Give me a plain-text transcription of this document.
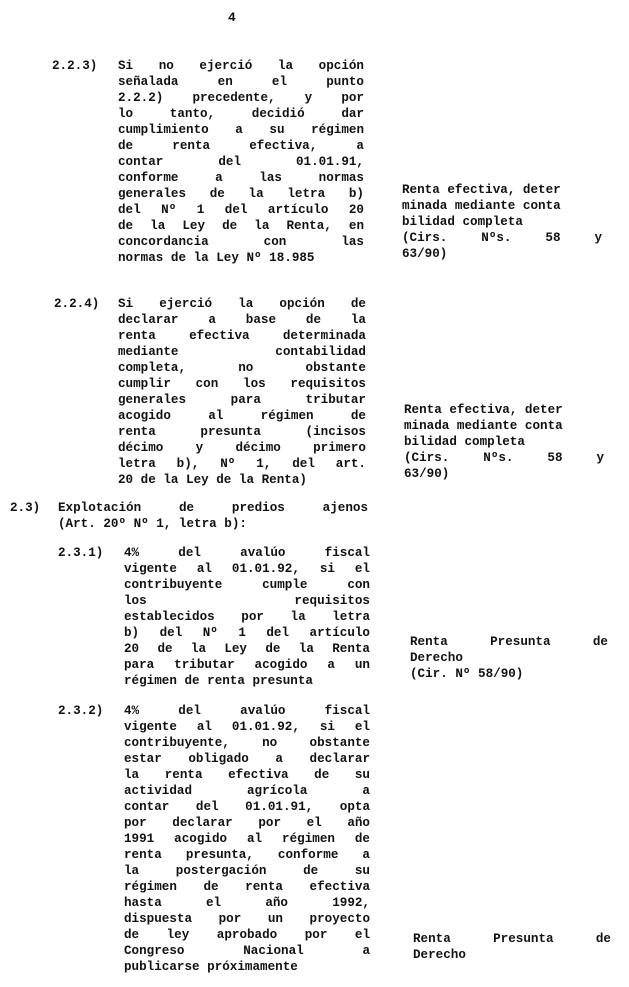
4
2.2.3) Si no ejerció la opción
señalada en el punto
2.2.2) precedente, y por
lo tanto, decidió dar
cumplimiento a su régimen
de renta efectiva, a
contar del 01.01.91,
conforme a las normas
generales de la letra b)
del Nº 1 del artículo 20
de la Ley de la Renta, en
concordancia con las
normas de la Ley Nº 18.985
Renta efectiva, deter
minada mediante conta
bilidad completa
(Cirs. Nºs. 58 y
63/90)
2.2.4) Si ejerció la opción de
declarar a base de la
renta efectiva determinada
mediante contabilidad
completa, no obstante
cumplir con los requisitos
generales para tributar
acogido al régimen de
renta presunta (incisos
décimo y décimo primero
letra b), Nº 1, del art.
20 de la Ley de la Renta)
Renta efectiva, deter
minada mediante conta
bilidad completa
(Cirs. Nºs. 58 y
63/90)
2.3) Explotación de predios ajenos
(Art. 20º Nº 1, letra b):
2.3.1) 4% del avalúo fiscal
vigente al 01.01.92, si el
contribuyente cumple con
los requisitos
establecidos por la letra
b) del Nº 1 del artículo
20 de la Ley de la Renta
para tributar acogido a un
régimen de renta presunta
Renta Presunta de
Derecho
(Cir. Nº 58/90)
2.3.2) 4% del avalúo fiscal
vigente al 01.01.92, si el
contribuyente, no obstante
estar obligado a declarar
la renta efectiva de su
actividad agrícola a
contar del 01.01.91, opta
por declarar por el año
1991 acogido al régimen de
renta presunta, conforme a
la postergación de su
régimen de renta efectiva
hasta el año 1992,
dispuesta por un proyecto
de ley aprobado por el
Congreso Nacional a
publicarse próximamente
Renta Presunta de
Derecho
